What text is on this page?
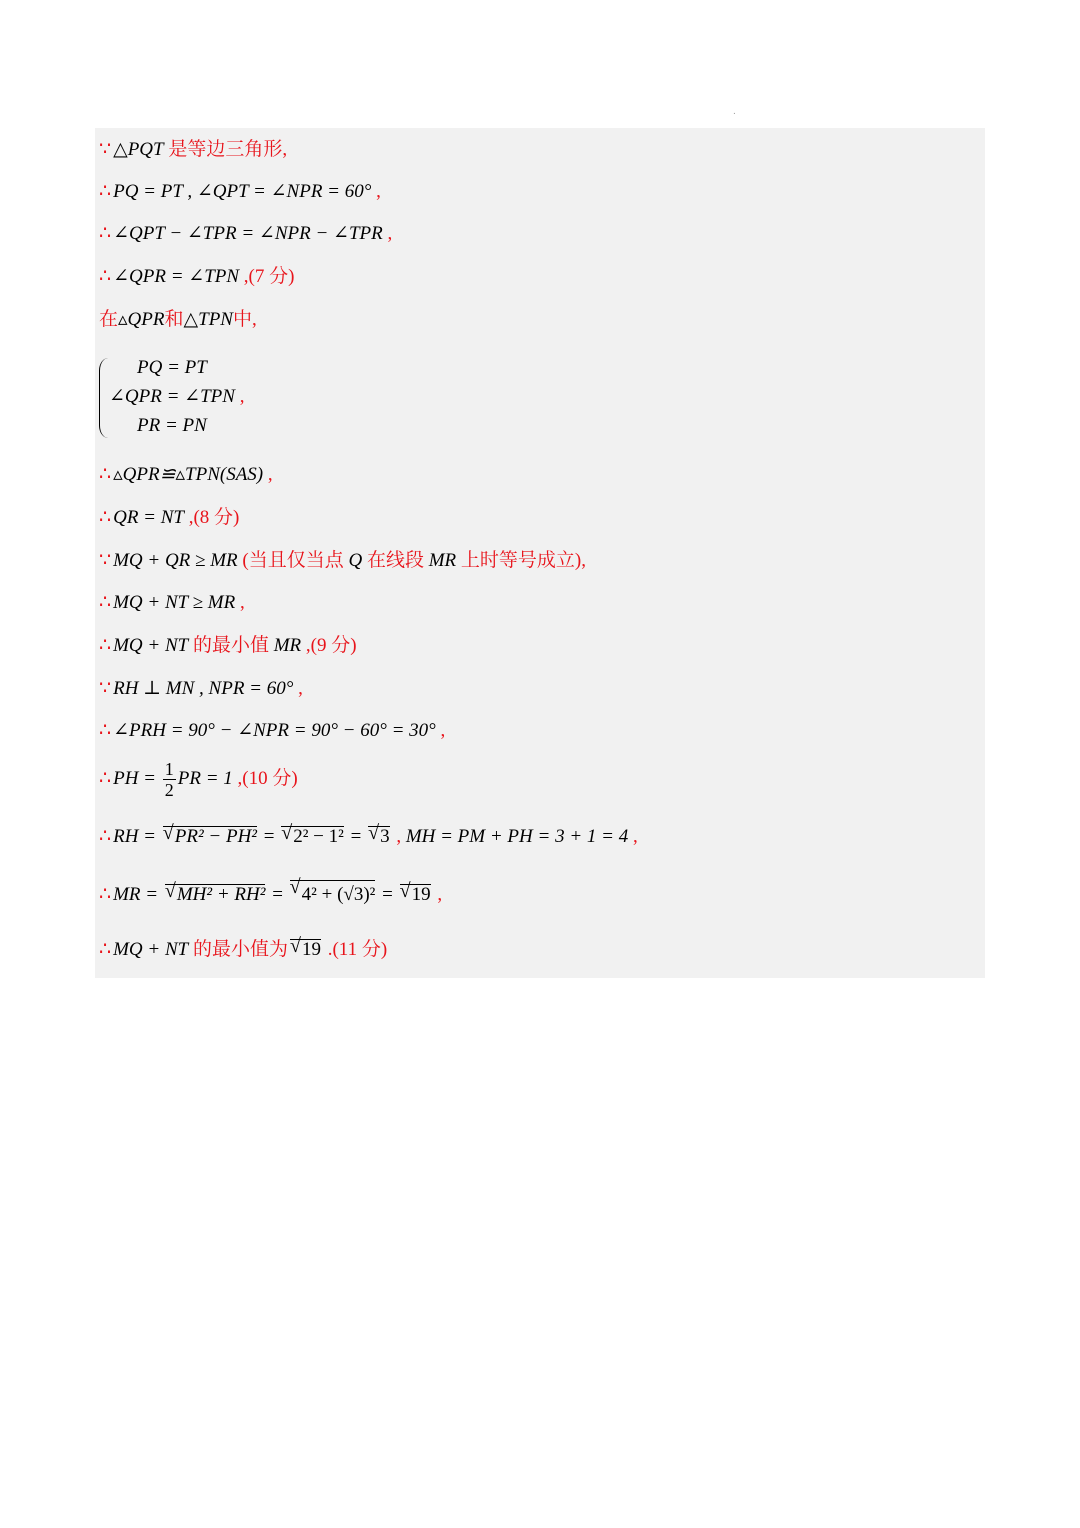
.
∵ △PQT 是等边三角形,
∴ PQ = PT , ∠QPT = ∠NPR = 60° ,
∴ ∠QPT − ∠TPR = ∠NPR − ∠TPR ,
∴ ∠QPR = ∠TPN ,(7 分)
在▵QPR和△TPN中,
PQ = PT
∠QPR = ∠TPN ,
PR = PN
∴ ▵QPR≌▵TPN(SAS) ,
∴ QR = NT ,(8 分)
∵ MQ + QR ≥ MR (当且仅当点 Q 在线段 MR 上时等号成立),
∴ MQ + NT ≥ MR ,
∴ MQ + NT 的最小值 MR ,(9 分)
∵ RH ⊥ MN , NPR = 60° ,
∴ ∠PRH = 90° − ∠NPR = 90° − 60° = 30° ,
∴ PH = $\frac{1}{2}$ PR = 1 ,(10 分)
∴ RH = √ PR² − PH² = √ 2² − 1² = √ 3 , MH = PM + PH = 3 + 1 = 4 ,
∴ MR = √ MH² + RH² = √ 4² + (√3)² = √ 19 ,
∴ MQ + NT 的最小值为√ 19 .(11 分)
